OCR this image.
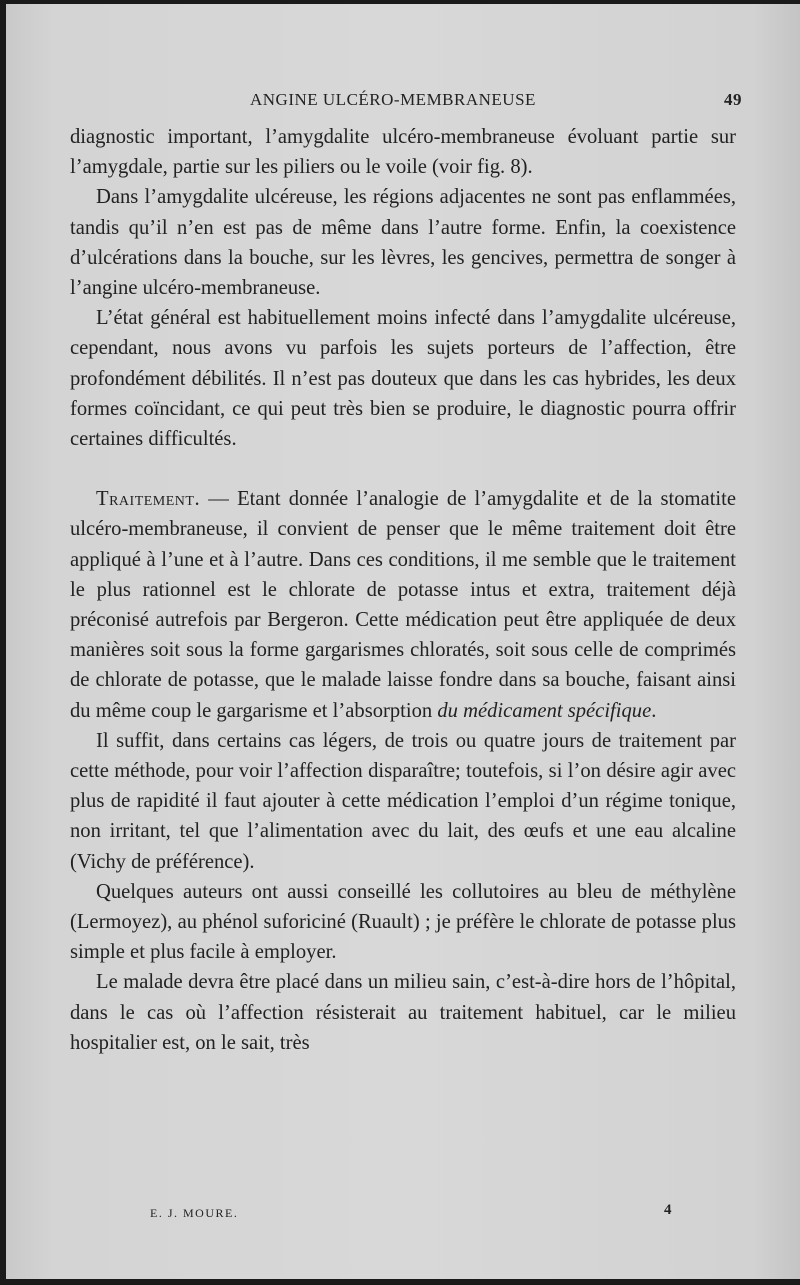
ANGINE ULCÉRO-MEMBRANEUSE	49

diagnostic important, l’amygdalite ulcéro-membraneuse évoluant partie sur l’amygdale, partie sur les piliers ou le voile (voir fig. 8).

Dans l’amygdalite ulcéreuse, les régions adjacentes ne sont pas enflammées, tandis qu’il n’en est pas de même dans l’autre forme. Enfin, la coexistence d’ulcérations dans la bouche, sur les lèvres, les gencives, permettra de songer à l’angine ulcéro-membraneuse.

L’état général est habituellement moins infecté dans l’amygdalite ulcéreuse, cependant, nous avons vu parfois les sujets porteurs de l’affection, être profondément débilités. Il n’est pas douteux que dans les cas hybrides, les deux formes coïncidant, ce qui peut très bien se produire, le diagnostic pourra offrir certaines difficultés.

Traitement. — Etant donnée l’analogie de l’amygdalite et de la stomatite ulcéro-membraneuse, il convient de penser que le même traitement doit être appliqué à l’une et à l’autre. Dans ces conditions, il me semble que le traitement le plus rationnel est le chlorate de potasse intus et extra, traitement déjà préconisé autrefois par Bergeron. Cette médication peut être appliquée de deux manières soit sous la forme gargarismes chloratés, soit sous celle de comprimés de chlorate de potasse, que le malade laisse fondre dans sa bouche, faisant ainsi du même coup le gargarisme et l’absorption du médicament spécifique.

Il suffit, dans certains cas légers, de trois ou quatre jours de traitement par cette méthode, pour voir l’affection disparaître; toutefois, si l’on désire agir avec plus de rapidité il faut ajouter à cette médication l’emploi d’un régime tonique, non irritant, tel que l’alimentation avec du lait, des œufs et une eau alcaline (Vichy de préférence).

Quelques auteurs ont aussi conseillé les collutoires au bleu de méthylène (Lermoyez), au phénol suforiciné (Ruault) ; je préfère le chlorate de potasse plus simple et plus facile à employer.

Le malade devra être placé dans un milieu sain, c’est-à-dire hors de l’hôpital, dans le cas où l’affection résisterait au traitement habituel, car le milieu hospitalier est, on le sait, très

E. J. MOURE.	4
